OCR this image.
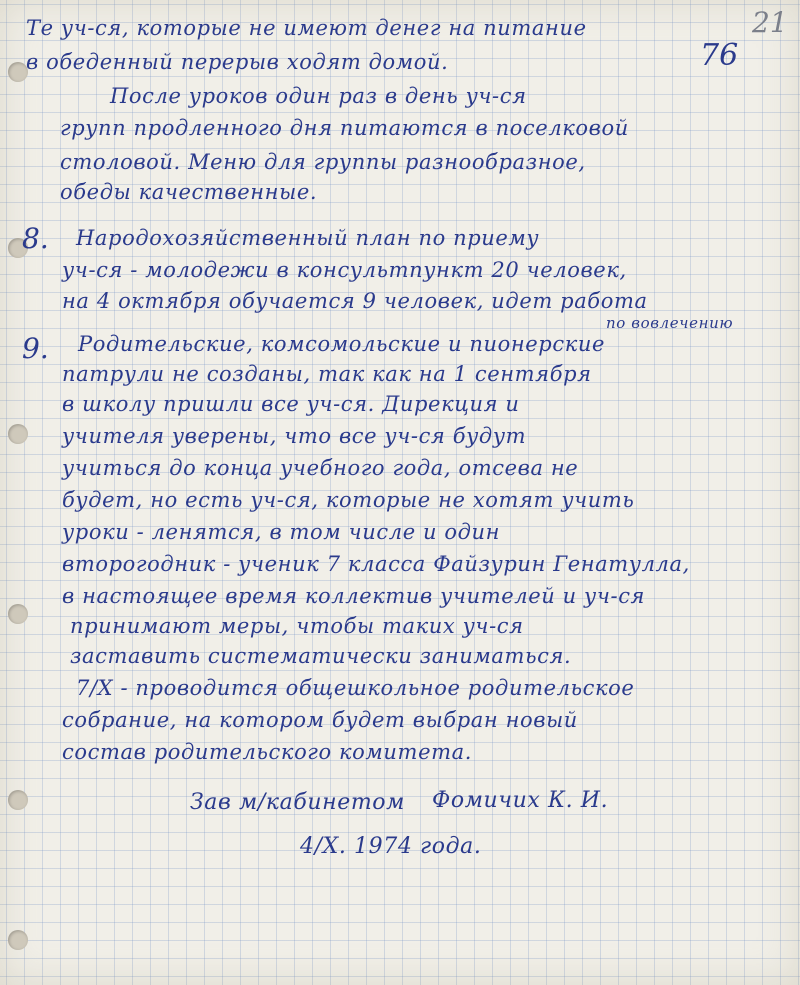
21
76

Те уч-ся, которые не имеют денег на питание

в обеденный перерыв ходят домой.

После уроков один раз в день уч-ся

групп продленного дня питаются в поселковой

столовой. Меню для группы разнообразное,

обеды качественные.

8. Народохозяйственный план по приему

уч-ся - молодежи в консультпункт 20 человек,

на 4 октября обучается 9 человек, идет работа

по вовлечению

9. Родительские, комсомольские и пионерские

патрули не созданы, так как на 1 сентября

в школу пришли все уч-ся. Дирекция и

учителя уверены, что все уч-ся будут

учиться до конца учебного года, отсева не

будет, но есть уч-ся, которые не хотят учить

уроки - ленятся, в том числе и один

второгодник - ученик 7 класса Файзурин Генатулла,

в настоящее время коллектив учителей и уч-ся

принимают меры, чтобы таких уч-ся

заставить систематически заниматься.

7/X - проводится общешкольное родительское

собрание, на котором будет выбран новый

состав родительского комитета.

Зав м/кабинетом Фомичих К. И.

4/X. 1974 года.
